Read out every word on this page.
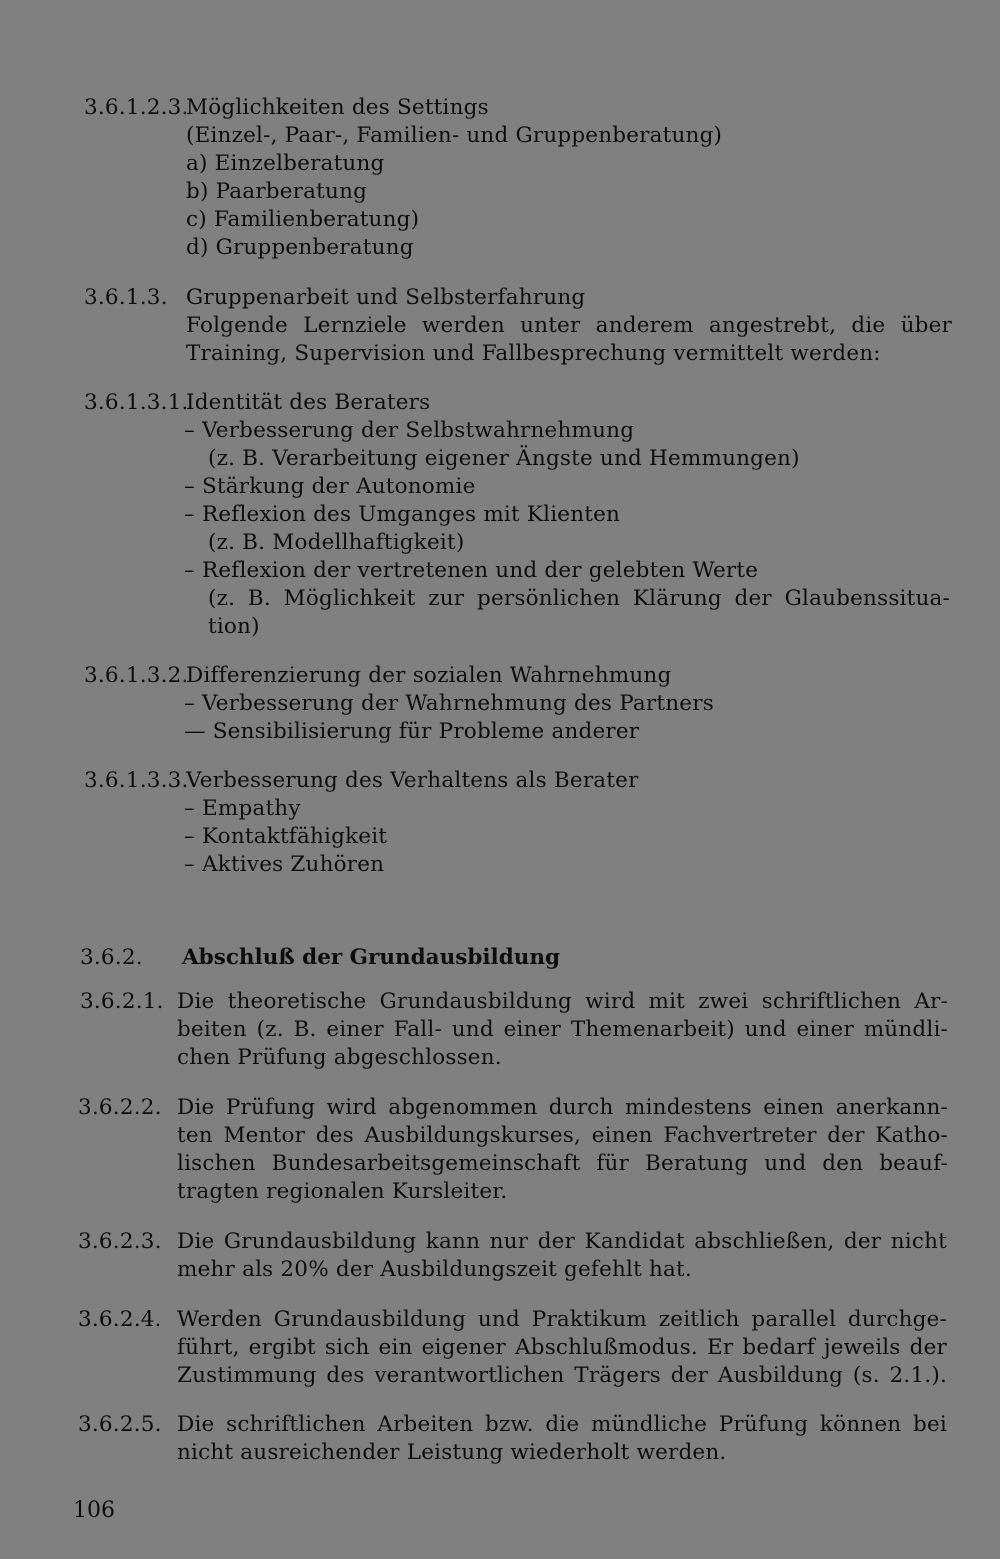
3.6.1.2.3.
Möglichkeiten des Settings
(Einzel-, Paar-, Familien- und Gruppenberatung)
a) Einzelberatung
b) Paarberatung
c) Familienberatung)
d) Gruppenberatung
3.6.1.3. Gruppenarbeit und Selbsterfahrung
Folgende Lernziele werden unter anderem angestrebt, die über
Training, Supervision und Fallbesprechung vermittelt werden:
3.6.1.3.1.
Identität des Beraters
– Verbesserung der Selbstwahrnehmung
(z. B. Verarbeitung eigener Ängste und Hemmungen)
– Stärkung der Autonomie
– Reflexion des Umganges mit Klienten
(z. B. Modellhaftigkeit)
– Reflexion der vertretenen und der gelebten Werte
(z. B. Möglichkeit zur persönlichen Klärung der Glaubenssitua-
tion)
3.6.1.3.2.
Differenzierung der sozialen Wahrnehmung
– Verbesserung der Wahrnehmung des Partners
— Sensibilisierung für Probleme anderer
3.6.1.3.3.
Verbesserung des Verhaltens als Berater
– Empathy
– Kontaktfähigkeit
– Aktives Zuhören
3.6.2. Abschluß der Grundausbildung
3.6.2.1. Die theoretische Grundausbildung wird mit zwei schriftlichen Ar-
beiten (z. B. einer Fall- und einer Themenarbeit) und einer mündli-
chen Prüfung abgeschlossen.
3.6.2.2. Die Prüfung wird abgenommen durch mindestens einen anerkann-
ten Mentor des Ausbildungskurses, einen Fachvertreter der Katho-
lischen Bundesarbeitsgemeinschaft für Beratung und den beauf-
tragten regionalen Kursleiter.
3.6.2.3. Die Grundausbildung kann nur der Kandidat abschließen, der nicht
mehr als 20% der Ausbildungszeit gefehlt hat.
3.6.2.4. Werden Grundausbildung und Praktikum zeitlich parallel durchge-
führt, ergibt sich ein eigener Abschlußmodus. Er bedarf jeweils der
Zustimmung des verantwortlichen Trägers der Ausbildung (s. 2.1.).
3.6.2.5. Die schriftlichen Arbeiten bzw. die mündliche Prüfung können bei
nicht ausreichender Leistung wiederholt werden.
106
